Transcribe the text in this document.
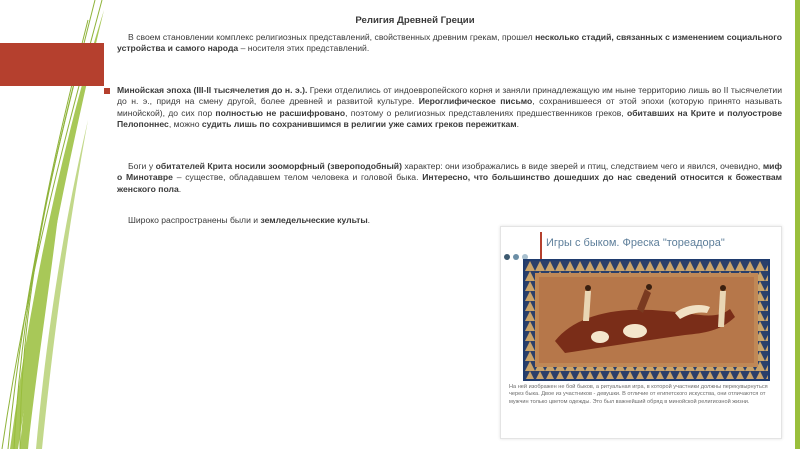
Религия Древней Греции

В своем становлении комплекс религиозных представлений, свойственных древним грекам, прошел несколько стадий, связанных с изменением социального устройства и самого народа – носителя этих представлений.

Минойская эпоха (III-II тысячелетия до н. э.). Греки отделились от индоевропейского корня и заняли принадлежащую им ныне территорию лишь во II тысячелетии до н. э., придя на смену другой, более древней и развитой культуре. Иероглифическое письмо, сохранившееся от этой эпохи (которую принято называть минойской), до сих пор полностью не расшифровано, поэтому о религиозных представлениях предшественников греков, обитавших на Крите и полуострове Пелопоннес, можно судить лишь по сохранившимся в религии уже самих греков пережиткам.

Боги у обитателей Крита носили зооморфный (звероподобный) характер: они изображались в виде зверей и птиц, следствием чего и явился, очевидно, миф о Минотавре – существе, обладавшем телом человека и головой быка. Интересно, что большинство дошедших до нас сведений относится к божествам женского пола.

Широко распространены были и земледельческие культы.

Игры с быком. Фреска "тореадора"
На ней изображен не бой быков, а ритуальная игра, в которой участники должны перекувырнуться через быка. Двое из участников - девушки. В отличие от египетского искусства, они отличаются от мужчин только цветом одежды. Это был важнейший обряд в минойской религиозной жизни.
